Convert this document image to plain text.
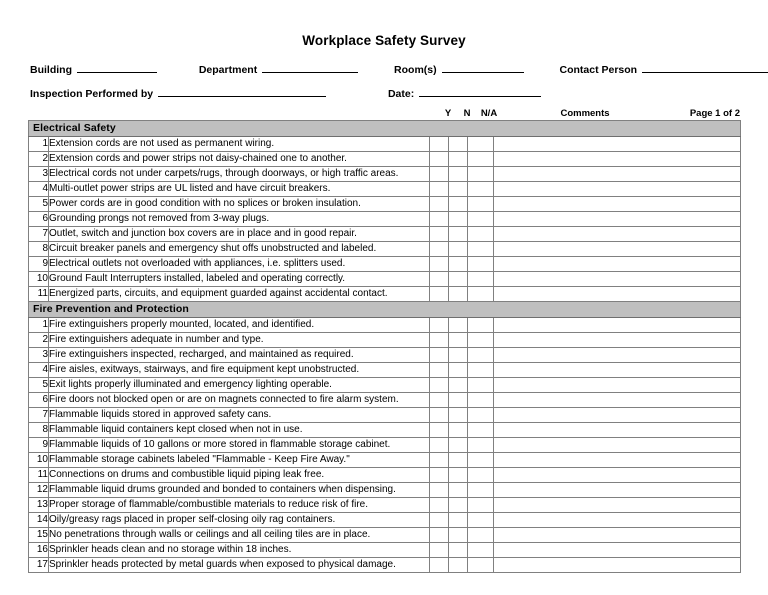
Workplace Safety Survey
Building	Department	Room(s)	Contact Person
Inspection Performed by	Date:
Y	N	N/A	Comments	Page 1 of 2
Electrical Safety					
1	Extension cords are not used as permanent wiring.				
2	Extension cords and power strips not daisy-chained one to another.				
3	Electrical cords not under carpets/rugs, through doorways, or high traffic areas.				
4	Multi-outlet power strips are UL listed and have circuit breakers.				
5	Power cords are in good condition with no splices or broken insulation.				
6	Grounding prongs not removed from 3-way plugs.				
7	Outlet, switch and junction box covers are in place and in good repair.				
8	Circuit breaker panels and emergency shut offs unobstructed and labeled.				
9	Electrical outlets not overloaded with appliances, i.e. splitters used.				
10	Ground Fault Interrupters installed, labeled and operating correctly.				
11	Energized parts, circuits, and equipment guarded against accidental contact.				
Fire Prevention and Protection					
1	Fire extinguishers properly mounted, located, and identified.				
2	Fire extinguishers adequate in number and type.				
3	Fire extinguishers inspected, recharged, and maintained as required.				
4	Fire aisles, exitways, stairways, and fire equipment kept unobstructed.				
5	Exit lights properly illuminated and emergency lighting operable.				
6	Fire doors not blocked open or are on magnets connected to fire alarm system.				
7	Flammable liquids stored in approved safety cans.				
8	Flammable liquid containers kept closed when not in use.				
9	Flammable liquids of 10 gallons or more stored in flammable storage cabinet.				
10	Flammable storage cabinets labeled "Flammable - Keep Fire Away."				
11	Connections on drums and combustible liquid piping leak free.				
12	Flammable liquid drums grounded and bonded to containers when dispensing.				
13	Proper storage of flammable/combustible materials to reduce risk of fire.				
14	Oily/greasy rags placed in proper self-closing oily rag containers.				
15	No penetrations through walls or ceilings and all ceiling tiles are in place.				
16	Sprinkler heads clean and no storage within 18 inches.				
17	Sprinkler heads protected by metal guards when exposed to physical damage.				
